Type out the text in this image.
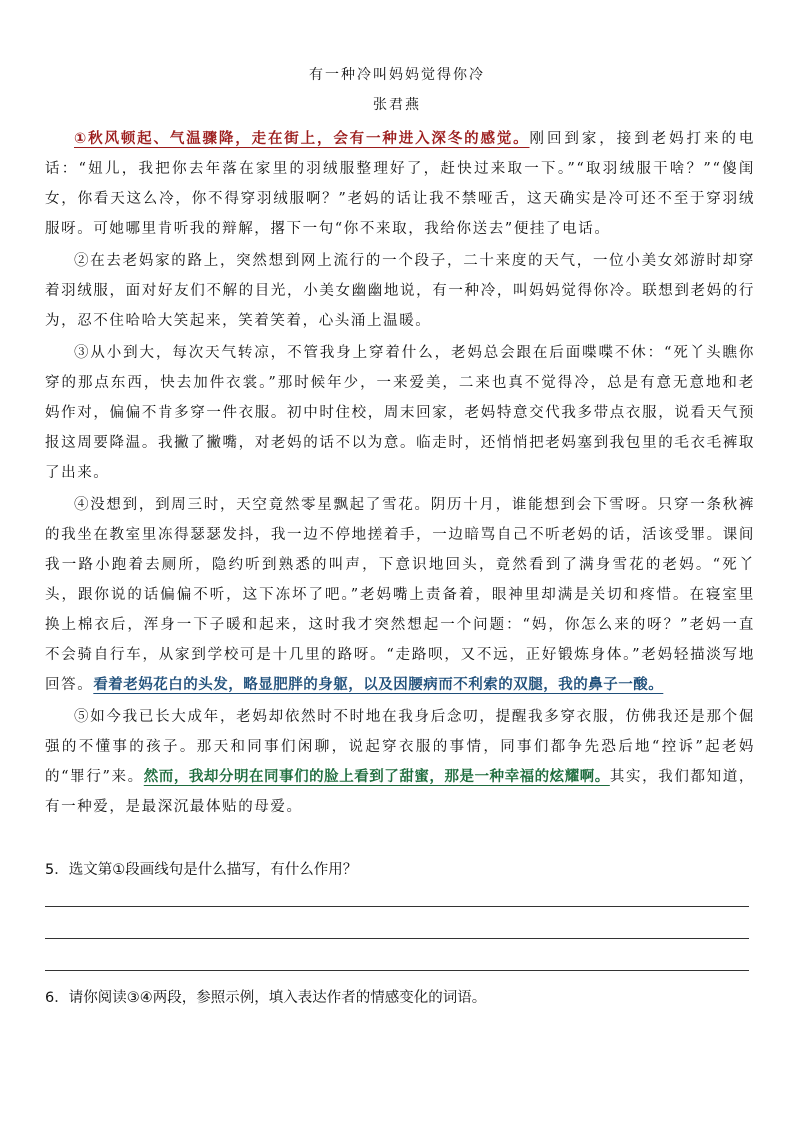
有一种冷叫妈妈觉得你冷
张君燕

①秋风顿起、气温骤降，走在街上，会有一种进入深冬的感觉。刚回到家，接到老妈打来的电话：“妞儿，我把你去年落在家里的羽绒服整理好了，赶快过来取一下。”“取羽绒服干啥？”“傻闺女，你看天这么冷，你不得穿羽绒服啊？”老妈的话让我不禁哑舌，这天确实是冷可还不至于穿羽绒服呀。可她哪里肯听我的辩解，撂下一句“你不来取，我给你送去”便挂了电话。

②在去老妈家的路上，突然想到网上流行的一个段子，二十来度的天气，一位小美女郊游时却穿着羽绒服，面对好友们不解的目光，小美女幽幽地说，有一种冷，叫妈妈觉得你冷。联想到老妈的行为，忍不住哈哈大笑起来，笑着笑着，心头涌上温暖。

③从小到大，每次天气转凉，不管我身上穿着什么，老妈总会跟在后面喋喋不休：“死丫头瞧你穿的那点东西，快去加件衣裳。”那时候年少，一来爱美，二来也真不觉得冷，总是有意无意地和老妈作对，偏偏不肯多穿一件衣服。初中时住校，周末回家，老妈特意交代我多带点衣服，说看天气预报这周要降温。我撇了撇嘴，对老妈的话不以为意。临走时，还悄悄把老妈塞到我包里的毛衣毛裤取了出来。

④没想到，到周三时，天空竟然零星飘起了雪花。阴历十月，谁能想到会下雪呀。只穿一条秋裤的我坐在教室里冻得瑟瑟发抖，我一边不停地搓着手，一边暗骂自己不听老妈的话，活该受罪。课间我一路小跑着去厕所，隐约听到熟悉的叫声，下意识地回头，竟然看到了满身雪花的老妈。“死丫头，跟你说的话偏偏不听，这下冻坏了吧。”老妈嘴上责备着，眼神里却满是关切和疼惜。在寝室里换上棉衣后，浑身一下子暖和起来，这时我才突然想起一个问题：“妈，你怎么来的呀？”老妈一直不会骑自行车，从家到学校可是十几里的路呀。“走路呗，又不远，正好锻炼身体。”老妈轻描淡写地回答。看着老妈花白的头发，略显肥胖的身躯，以及因腰病而不利索的双腿，我的鼻子一酸。

⑤如今我已长大成年，老妈却依然时不时地在我身后念叨，提醒我多穿衣服，仿佛我还是那个倔强的不懂事的孩子。那天和同事们闲聊，说起穿衣服的事情，同事们都争先恐后地“控诉”起老妈的“罪行”来。然而，我却分明在同事们的脸上看到了甜蜜，那是一种幸福的炫耀啊。其实，我们都知道，有一种爱，是最深沉最体贴的母爱。

5．选文第①段画线句是什么描写，有什么作用？
6．请你阅读③④两段，参照示例，填入表达作者的情感变化的词语。
